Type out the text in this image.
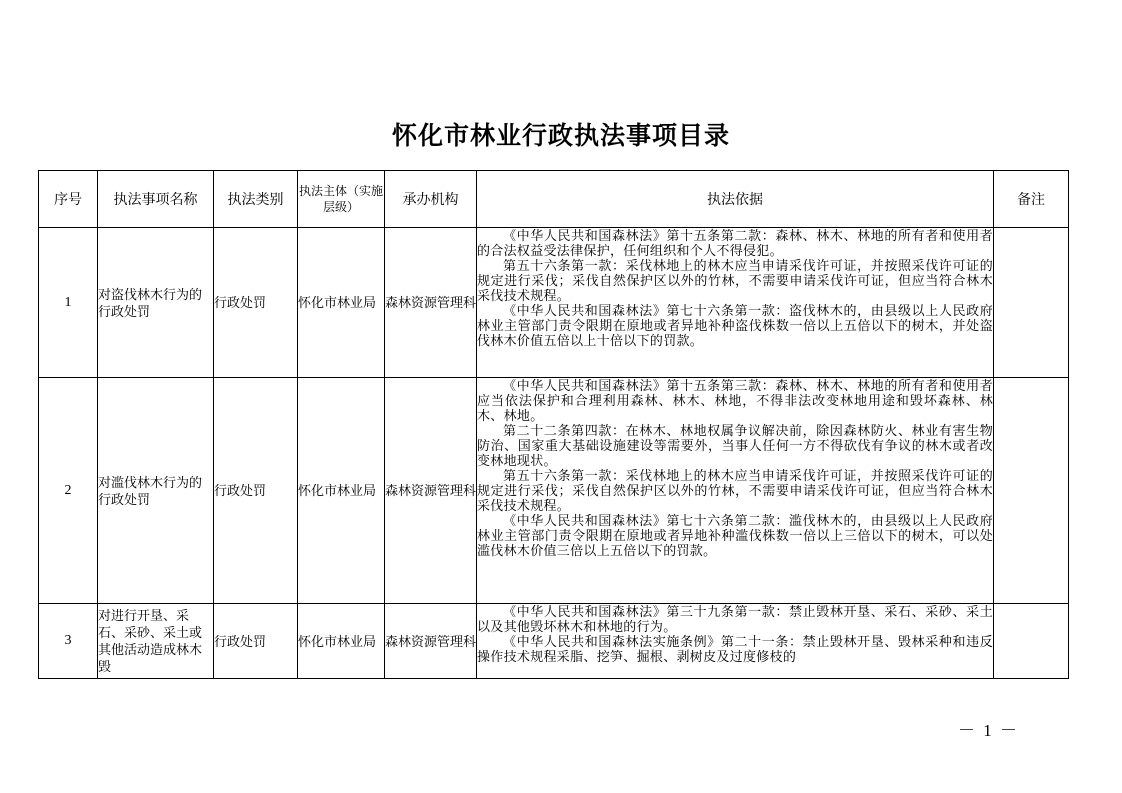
怀化市林业行政执法事项目录
序号	执法事项名称	执法类别	执法主体（实施层级）	承办机构	执法依据	备注
1	对盗伐林木行为的行政处罚	行政处罚	怀化市林业局	森林资源管理科	《中华人民共和国森林法》第十五条第二款：森林、林木、林地的所有者和使用者的合法权益受法律保护，任何组织和个人不得侵犯。

第五十六条第一款：采伐林地上的林木应当申请采伐许可证，并按照采伐许可证的规定进行采伐；采伐自然保护区以外的竹林，不需要申请采伐许可证，但应当符合林木采伐技术规程。

《中华人民共和国森林法》第七十六条第一款：盗伐林木的，由县级以上人民政府林业主管部门责令限期在原地或者异地补种盗伐株数一倍以上五倍以下的树木，并处盗伐林木价值五倍以上十倍以下的罚款。	

2	对滥伐林木行为的行政处罚	行政处罚	怀化市林业局	森林资源管理科	《中华人民共和国森林法》第十五条第三款：森林、林木、林地的所有者和使用者应当依法保护和合理利用森林、林木、林地，不得非法改变林地用途和毁坏森林、林木、林地。

第二十二条第四款：在林木、林地权属争议解决前，除因森林防火、林业有害生物防治、国家重大基础设施建设等需要外，当事人任何一方不得砍伐有争议的林木或者改变林地现状。

第五十六条第一款：采伐林地上的林木应当申请采伐许可证，并按照采伐许可证的规定进行采伐；采伐自然保护区以外的竹林，不需要申请采伐许可证，但应当符合林木采伐技术规程。

《中华人民共和国森林法》第七十六条第二款：滥伐林木的，由县级以上人民政府林业主管部门责令限期在原地或者异地补种滥伐株数一倍以上三倍以下的树木，可以处滥伐林木价值三倍以上五倍以下的罚款。	

3	对进行开垦、采石、采砂、采土或其他活动造成林木毁	行政处罚	怀化市林业局	森林资源管理科	《中华人民共和国森林法》第三十九条第一款：禁止毁林开垦、采石、采砂、采土以及其他毁坏林木和林地的行为。

《中华人民共和国森林法实施条例》第二十一条：禁止毁林开垦、毁林采种和违反操作技术规程采脂、挖笋、掘根、剥树皮及过度修枝的	

－ 1 －
